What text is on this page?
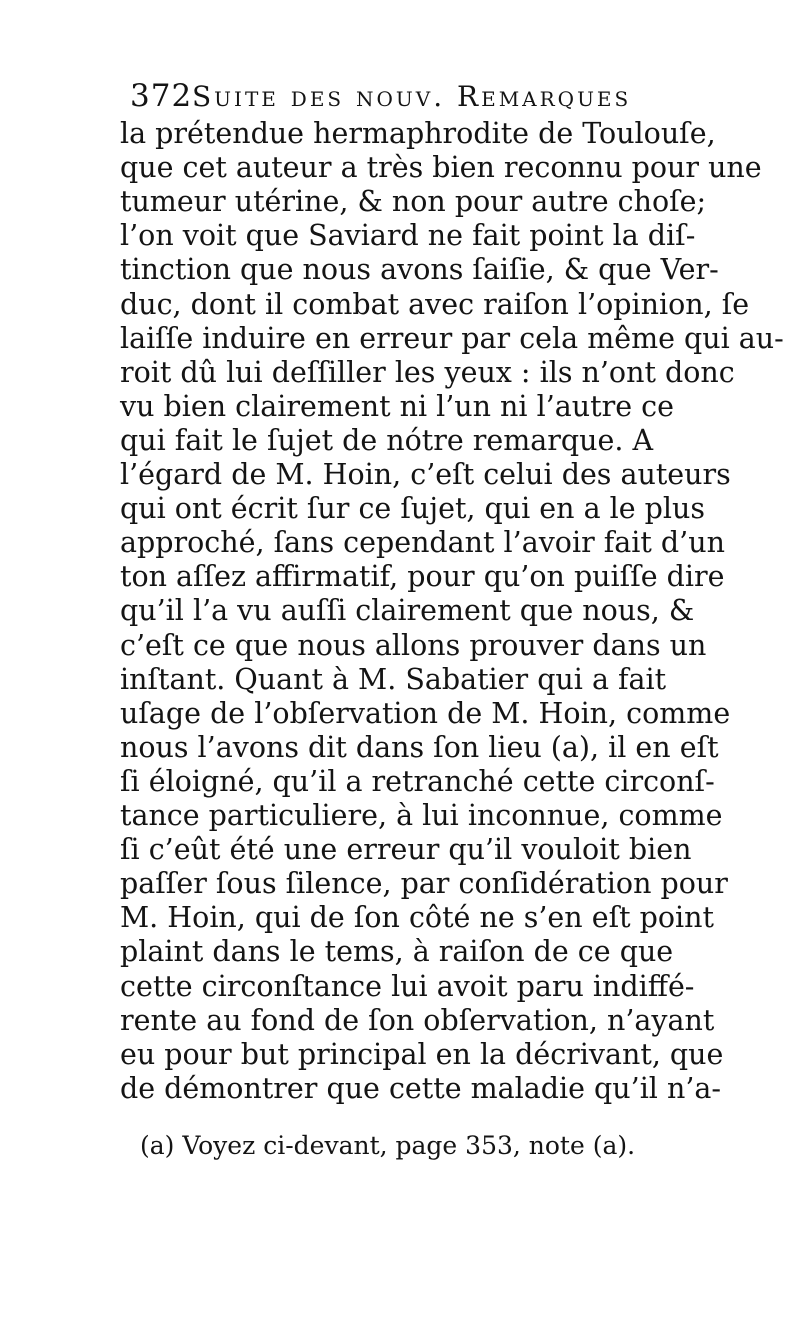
372 Suite des nouv. Remarques
la prétendue hermaphrodite de Toulouſe,
que cet auteur a très bien reconnu pour une
tumeur utérine, & non pour autre choſe;
l’on voit que Saviard ne fait point la diſ-
tinction que nous avons ſaiſie, & que Ver-
duc, dont il combat avec raiſon l’opinion, ſe
laiſſe induire en erreur par cela même qui au-
roit dû lui deſſiller les yeux : ils n’ont donc
vu bien clairement ni l’un ni l’autre ce
qui fait le ſujet de nótre remarque. A
l’égard de M. Hoin, c’eſt celui des auteurs
qui ont écrit ſur ce ſujet, qui en a le plus
approché, ſans cependant l’avoir fait d’un
ton aſſez affirmatif, pour qu’on puiſſe dire
qu’il l’a vu auſſi clairement que nous, &
c’eſt ce que nous allons prouver dans un
inſtant. Quant à M. Sabatier qui a fait
uſage de l’obſervation de M. Hoin, comme
nous l’avons dit dans ſon lieu (a), il en eſt
ſi éloigné, qu’il a retranché cette circonſ-
tance particuliere, à lui inconnue, comme
ſi c’eût été une erreur qu’il vouloit bien
paſſer ſous ſilence, par conſidération pour
M. Hoin, qui de ſon côté ne s’en eſt point
plaint dans le tems, à raiſon de ce que
cette circonſtance lui avoit paru indiffé-
rente au fond de ſon obſervation, n’ayant
eu pour but principal en la décrivant, que
de démontrer que cette maladie qu’il n’a-
(a) Voyez ci-devant, page 353, note (a).
